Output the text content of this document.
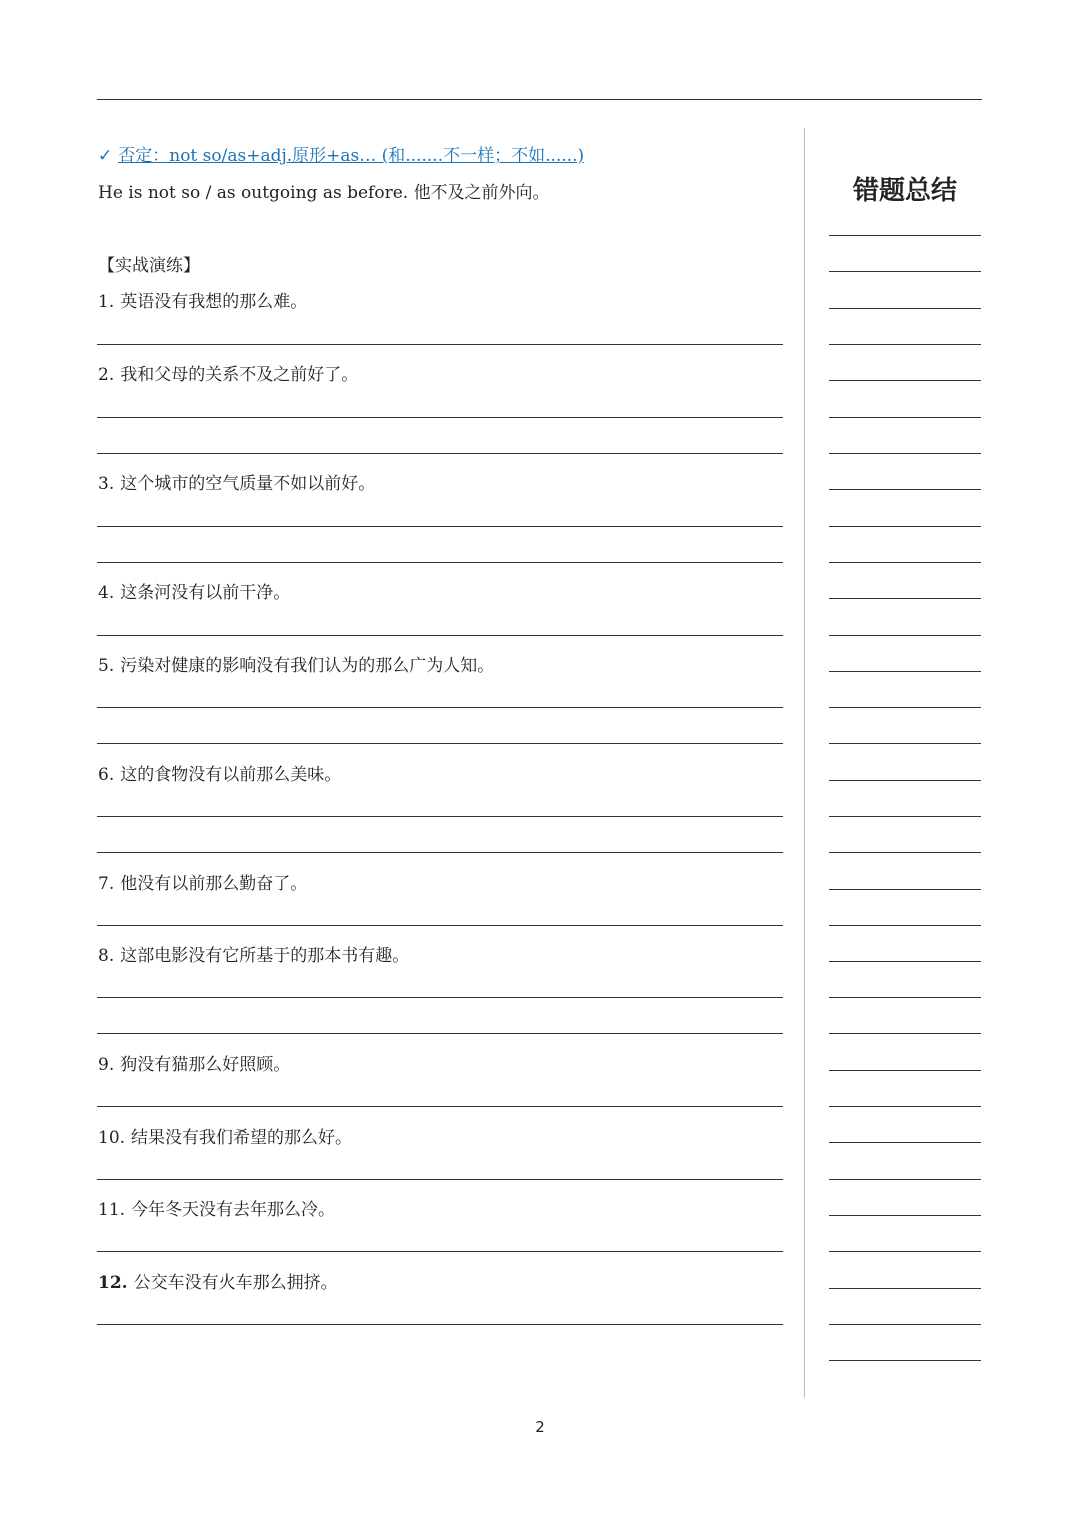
✓ 否定：not so/as+adj.原形+as… (和.......不一样；不如......)
He is not so / as outgoing as before. 他不及之前外向。
【实战演练】
1. 英语没有我想的那么难。
2. 我和父母的关系不及之前好了。
3. 这个城市的空气质量不如以前好。
4. 这条河没有以前干净。
5. 污染对健康的影响没有我们认为的那么广为人知。
6. 这的食物没有以前那么美味。
7. 他没有以前那么勤奋了。
8. 这部电影没有它所基于的那本书有趣。
9. 狗没有猫那么好照顾。
10. 结果没有我们希望的那么好。
11. 今年冬天没有去年那么冷。
12. 公交车没有火车那么拥挤。
错题总结
2
